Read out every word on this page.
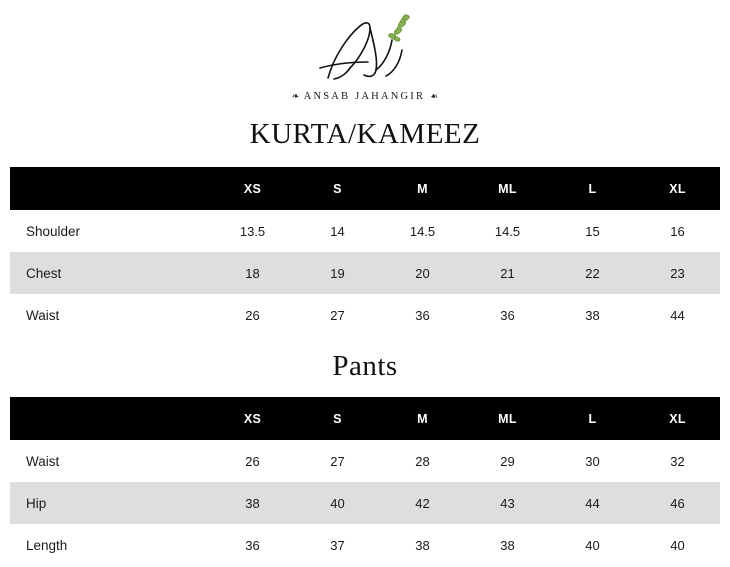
❧ ANSAB JAHANGIR ☙
KURTA/KAMEEZ
	XS	S	M	ML	L	XL
Shoulder	13.5	14	14.5	14.5	15	16
Chest	18	19	20	21	22	23
Waist	26	27	36	36	38	44
Pants
	XS	S	M	ML	L	XL
Waist	26	27	28	29	30	32
Hip	38	40	42	43	44	46
Length	36	37	38	38	40	40
